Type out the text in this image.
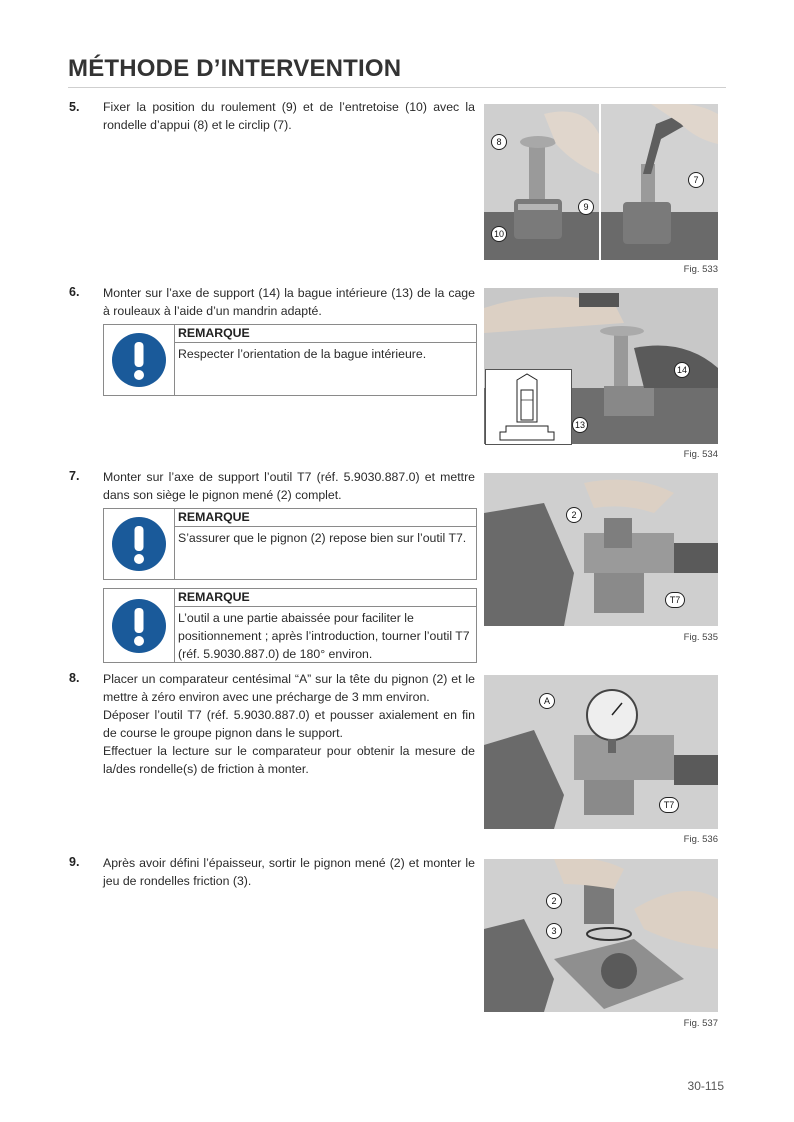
MÉTHODE D’INTERVENTION
5. Fixer la position du roulement (9) et de l’entretoise (10) avec la rondelle d’appui (8) et le circlip (7).

8
9
10
7
Fig. 533
6. Monter sur l’axe de support (14) la bague intérieure (13) de la cage à rouleaux à l’aide d’un mandrin adapté.

REMARQUE
Respecter l’orientation de la bague intérieure.
14
13
Fig. 534
7. Monter sur l’axe de support l’outil T7 (réf. 5.9030.887.0) et mettre dans son siège le pignon mené (2) complet.

REMARQUE
S’assurer que le pignon (2) repose bien sur l’outil T7.
REMARQUE
L’outil a une partie abaissée pour faciliter le positionnement ; après l’introduction, tourner l’outil T7 (réf. 5.9030.887.0) de 180° environ.
2
T7
Fig. 535
8. Placer un comparateur centésimal “A” sur la tête du pignon (2) et le mettre à zéro environ avec une précharge de 3 mm environ.

Déposer l’outil T7 (réf. 5.9030.887.0) et pousser axialement en fin de course le groupe pignon dans le support.

Effectuer la lecture sur le comparateur pour obtenir la mesure de la/des rondelle(s) de friction à monter.

A
T7
Fig. 536
9. Après avoir défini l’épaisseur, sortir le pignon mené (2) et monter le jeu de rondelles friction (3).

2
3
Fig. 537
30-115
